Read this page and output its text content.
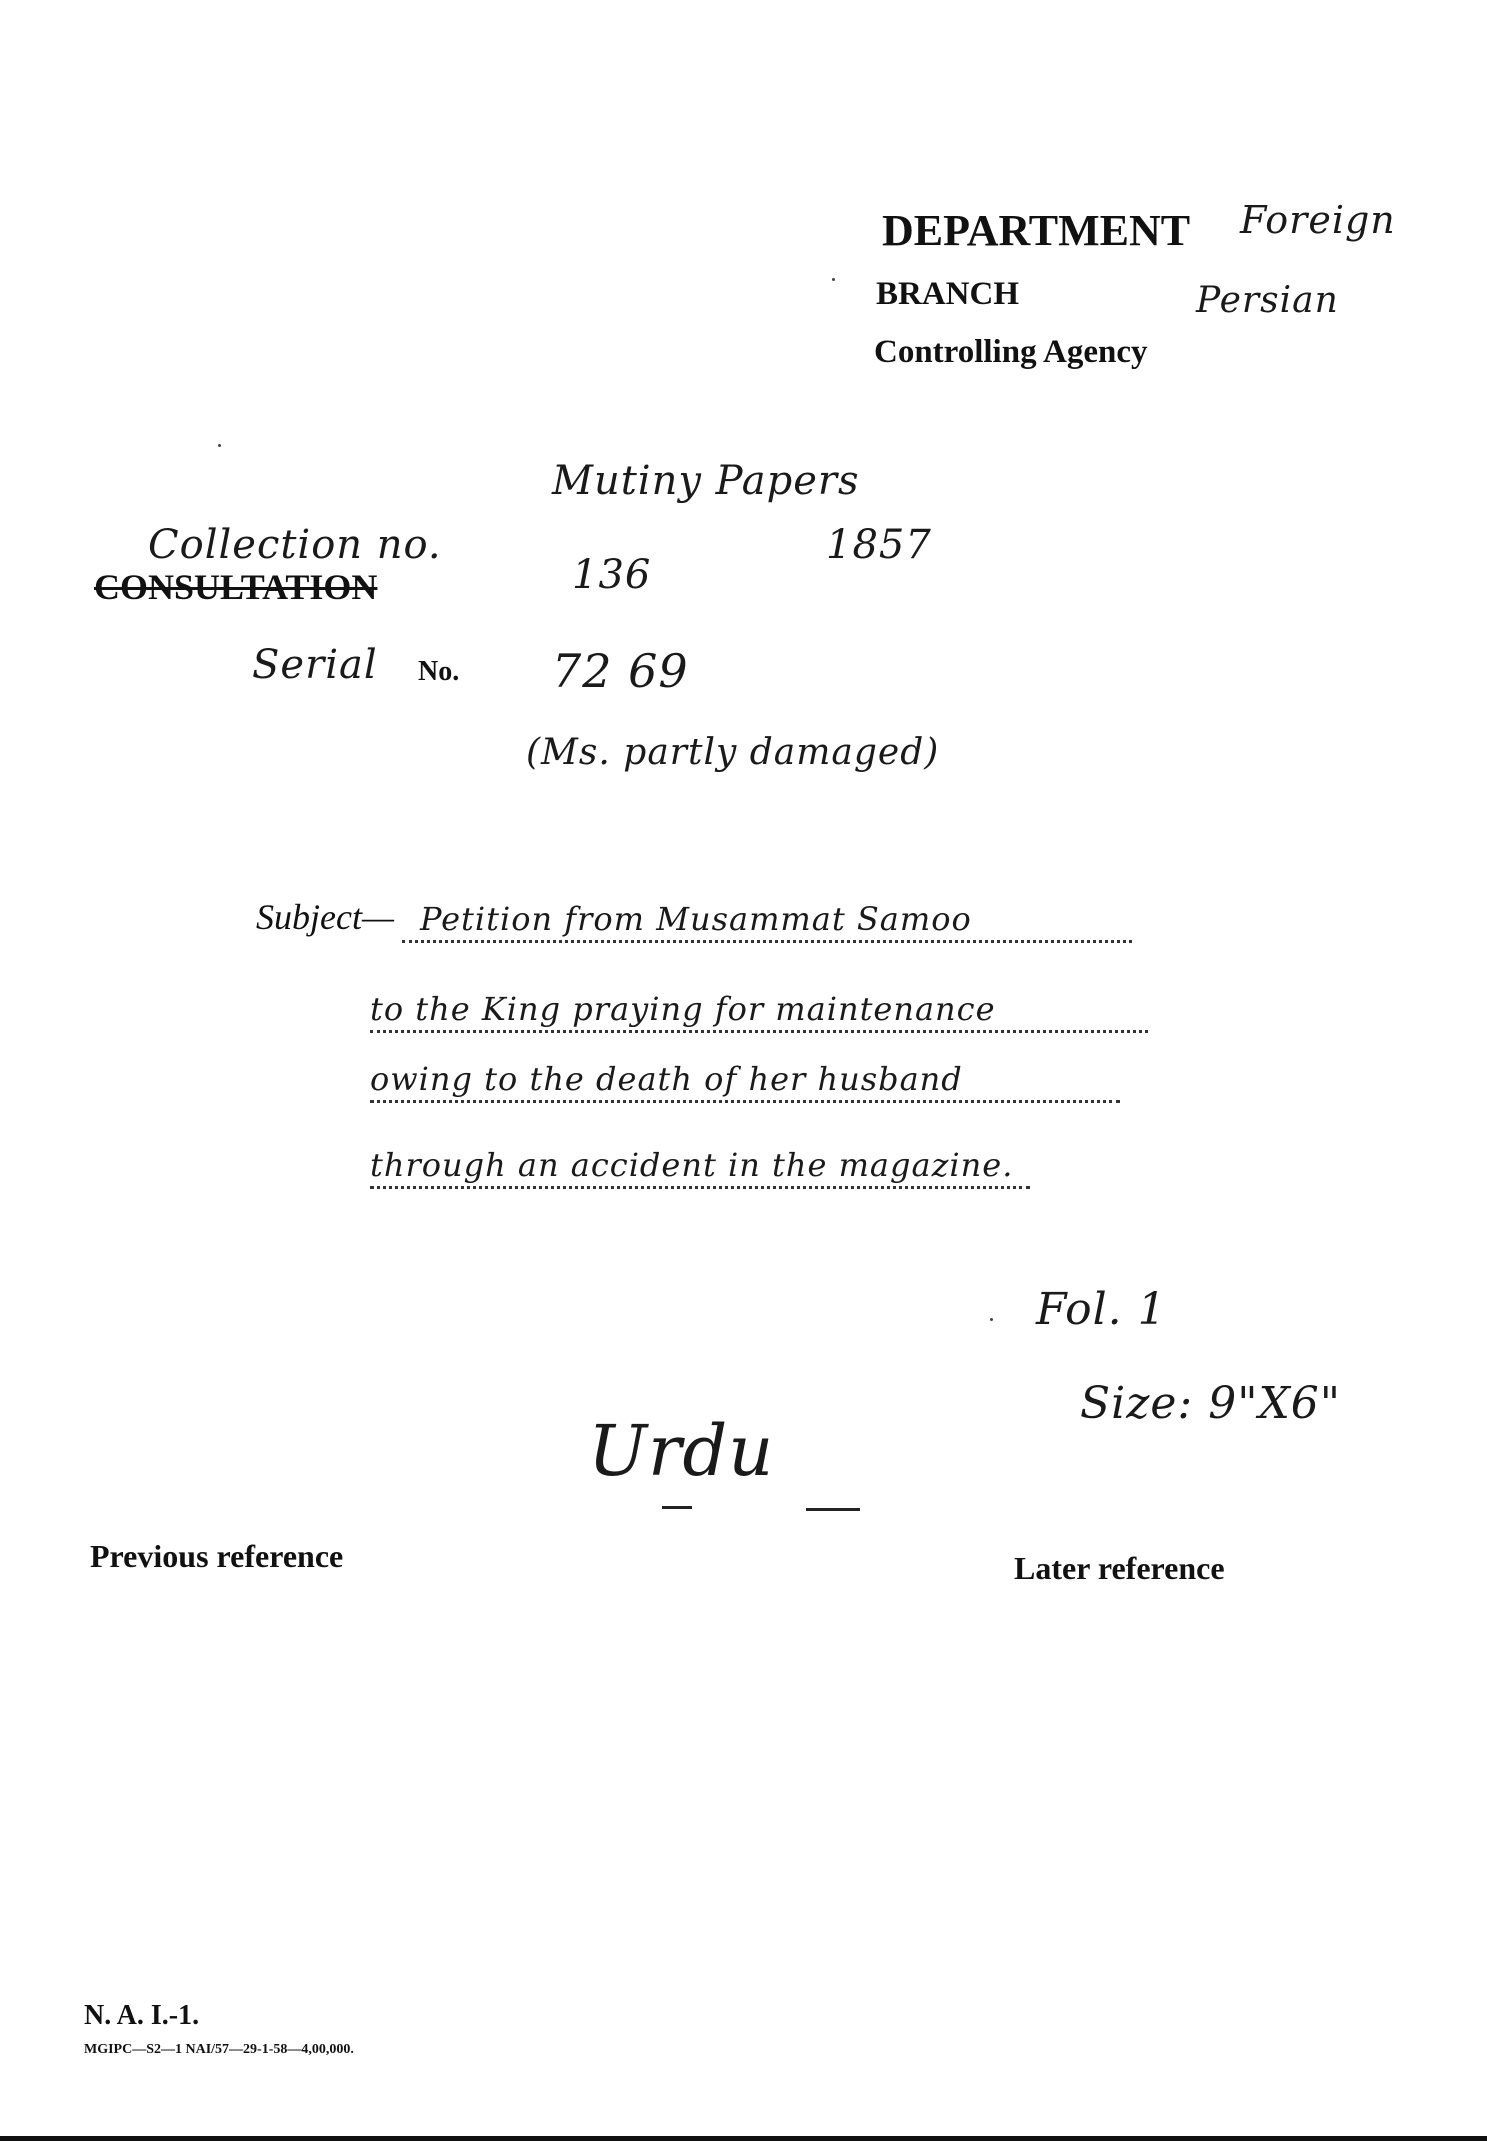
DEPARTMENT Foreign
BRANCH	Persian
Controlling Agency
Mutiny Papers
1857
Collection no.
136
CONSULTATION
Serial No. 72 69
(Ms. partly damaged)
Subject— Petition from Musammat Samoo
to the King praying for maintenance
owing to the death of her husband
through an accident in the magazine.
Fol. 1
Size: 9"X6"
Urdu
Previous reference	Later reference
N. A. I.-1.
MGIPC—S2—1 NAI/57—29-1-58—4,00,000.
